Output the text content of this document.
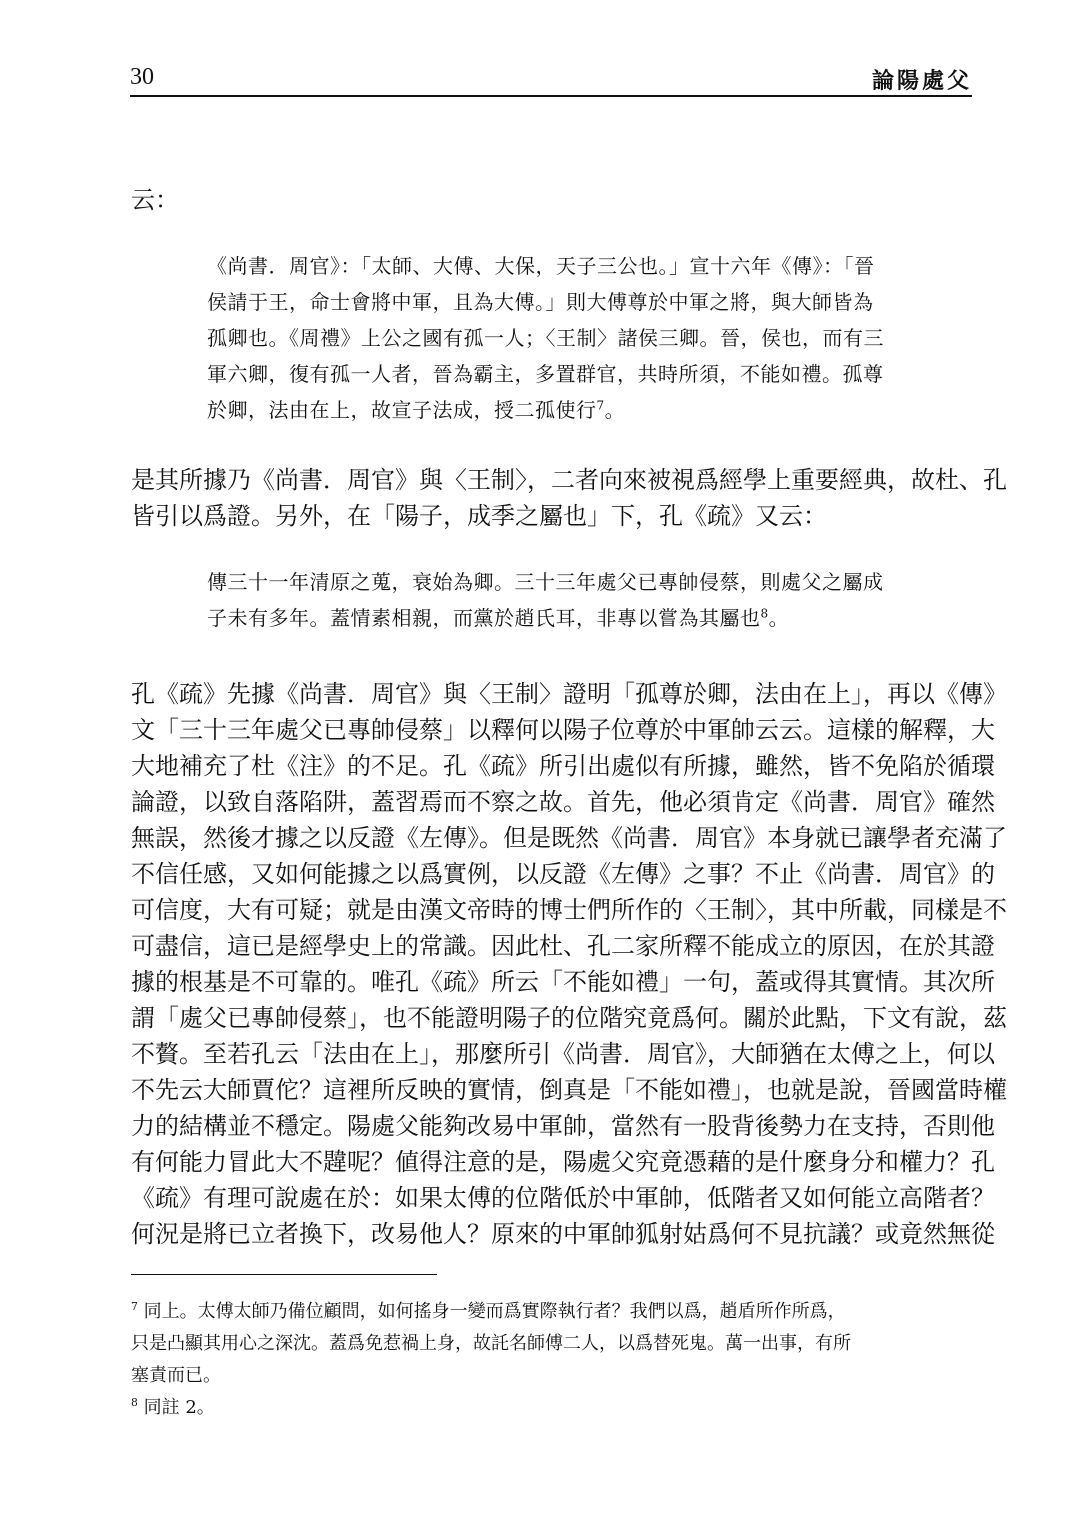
30	論陽處父
云：
《尚書．周官》：「太師、大傅、大保，天子三公也。」宣十六年《傳》：「晉
侯請于王，命士會將中軍，且為大傅。」則大傅尊於中軍之將，與大師皆為
孤卿也。《周禮》上公之國有孤一人；〈王制〉諸侯三卿。晉，侯也，而有三
軍六卿，復有孤一人者，晉為霸主，多置群官，共時所須，不能如禮。孤尊
於卿，法由在上，故宣子法成，授二孤使行$^7$。
是其所據乃《尚書．周官》與〈王制〉，二者向來被視爲經學上重要經典，故杜、孔
皆引以爲證。另外，在「陽子，成季之屬也」下，孔《疏》又云：
傳三十一年清原之蒐，衰始為卿。三十三年處父已專帥侵蔡，則處父之屬成
子未有多年。蓋情素相親，而黨於趙氏耳，非專以嘗為其屬也$^8$。
孔《疏》先據《尚書．周官》與〈王制〉證明「孤尊於卿，法由在上」，再以《傳》
文「三十三年處父已專帥侵蔡」以釋何以陽子位尊於中軍帥云云。這樣的解釋，大
大地補充了杜《注》的不足。孔《疏》所引出處似有所據，雖然，皆不免陷於循環
論證，以致自落陷阱，蓋習焉而不察之故。首先，他必須肯定《尚書．周官》確然
無誤，然後才據之以反證《左傳》。但是既然《尚書．周官》本身就已讓學者充滿了
不信任感，又如何能據之以爲實例，以反證《左傳》之事？不止《尚書．周官》的
可信度，大有可疑；就是由漢文帝時的博士們所作的〈王制〉，其中所載，同樣是不
可盡信，這已是經學史上的常識。因此杜、孔二家所釋不能成立的原因，在於其證
據的根基是不可靠的。唯孔《疏》所云「不能如禮」一句，蓋或得其實情。其次所
謂「處父已專帥侵蔡」，也不能證明陽子的位階究竟爲何。關於此點，下文有說，茲
不贅。至若孔云「法由在上」，那麼所引《尚書．周官》，大師猶在太傅之上，何以
不先云大師賈佗？這裡所反映的實情，倒真是「不能如禮」，也就是說，晉國當時權
力的結構並不穩定。陽處父能夠改易中軍帥，當然有一股背後勢力在支持，否則他
有何能力冒此大不韙呢？値得注意的是，陽處父究竟憑藉的是什麼身分和權力？孔
《疏》有理可說處在於：如果太傅的位階低於中軍帥，低階者又如何能立高階者？
何況是將已立者換下，改易他人？原來的中軍帥狐射姑爲何不見抗議？或竟然無從
$^7$ 同上。太傅太師乃備位顧問，如何搖身一變而爲實際執行者？我們以爲，趙盾所作所爲，
只是凸顯其用心之深沈。蓋爲免惹禍上身，故託名師傅二人，以爲替死鬼。萬一出事，有所
塞責而已。
$^8$ 同註 2。
